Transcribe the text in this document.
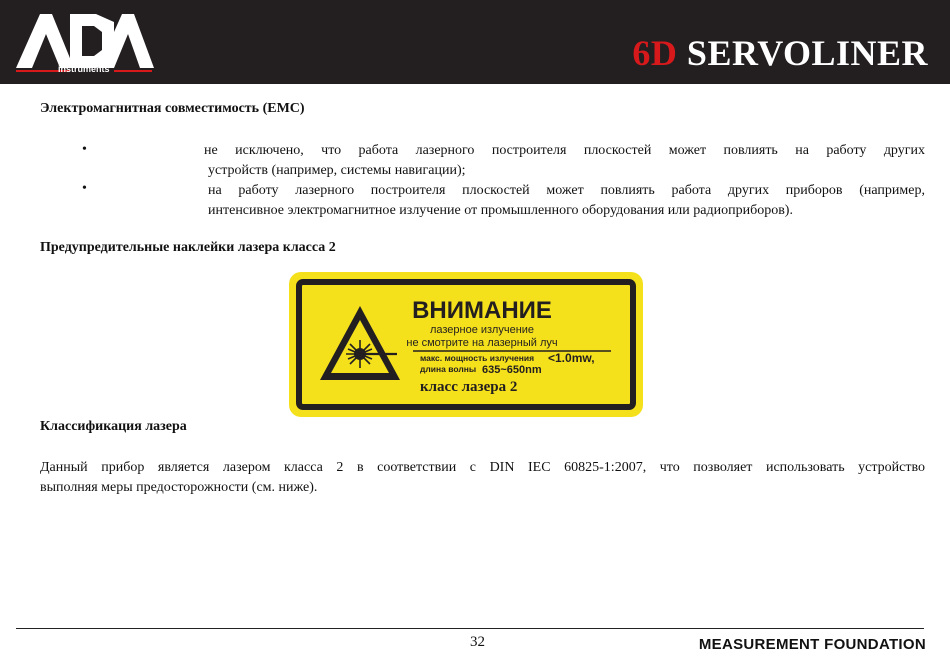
instruments	6D SERVOLINER
Электромагнитная совместимость (EMC)
•	не исключено, что работа лазерного построителя плоскостей может повлиять на работу других
устройств (например, системы навигации);
•	на работу лазерного построителя плоскостей может повлиять работа других приборов (например,
интенсивное электромагнитное излучение от промышленного оборудования или радиоприборов).
Предупредительные наклейки лазера класса 2
ВНИМАНИЕ
лазерное излучение
не смотрите на лазерный луч
макс. мощность излучения <1.0mw,
длина волны 635~650nm
класс лазера 2
Классификация лазера
Данный прибор является лазером класса 2 в соответствии с DIN IEC 60825-1:2007, что позволяет использовать устройство
выполняя меры предосторожности (см. ниже).
32	MEASUREMENT FOUNDATION
